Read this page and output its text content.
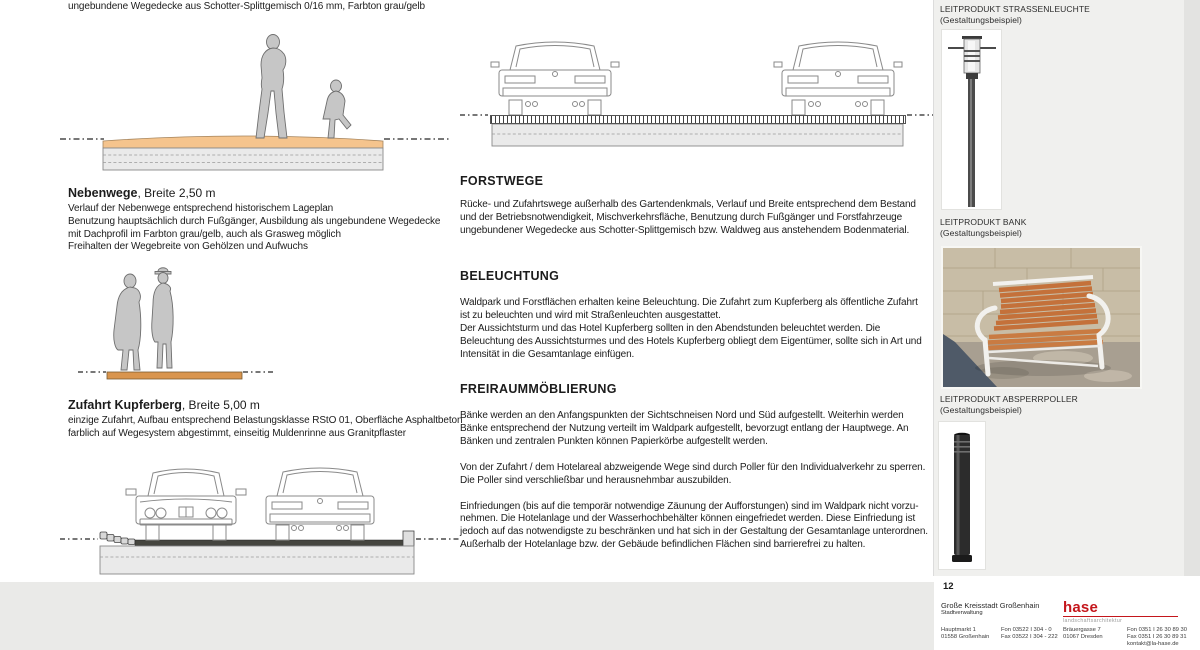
ungebundene Wegedecke aus Schotter-Splittgemisch 0/16 mm, Farbton grau/gelb
Nebenwege, Breite 2,50 m
Verlauf der Nebenwege entsprechend historischem Lageplan
Benutzung hauptsächlich durch Fußgänger, Ausbildung als ungebundene Wegedecke
mit Dachprofil im Farbton grau/gelb, auch als Grasweg möglich
Freihalten der Wegebreite von Gehölzen und Aufwuchs
Zufahrt Kupferberg, Breite 5,00 m
einzige Zufahrt, Aufbau entsprechend Belastungsklasse RStO 01, Oberfläche Asphaltbeton
farblich auf Wegesystem abgestimmt, einseitig Muldenrinne aus Granitpflaster
FORSTWEGE

Rücke- und Zufahrtswege außerhalb des Gartendenkmals, Verlauf und Breite entsprechend dem Bestand und der Betriebsnotwendigkeit, Mischverkehrsfläche, Benutzung durch Fußgänger und Forstfahrzeuge ungebundener Wegedecke aus Schotter-Splittgemisch bzw. Waldweg aus anstehendem Bodenmaterial.

BELEUCHTUNG

Waldpark und Forstflächen erhalten keine Beleuchtung. Die Zufahrt zum Kupferberg als öffentliche Zufahrt ist zu beleuchten und wird mit Straßenleuchten ausgestattet.

Der Aussichtsturm und das Hotel Kupferberg sollten in den Abendstunden beleuchtet werden. Die Beleuchtung des Aussichtsturmes und des Hotels Kupferberg obliegt dem Eigentümer, sollte sich in Art und Intensität in die Gesamtanlage einfügen.

FREIRAUMMÖBLIERUNG

Bänke werden an den Anfangspunkten der Sichtschneisen Nord und Süd aufgestellt. Weiterhin werden Bänke entsprechend der Nutzung verteilt im Waldpark aufgestellt, bevorzugt entlang der Hauptwege. An Bänken und zentralen Punkten können Papierkörbe aufgestellt werden.

Von der Zufahrt / dem Hotelareal abzweigende Wege sind durch Poller für den Individualverkehr zu sperren. Die Poller sind verschließbar und herausnehmbar auszubilden.

Einfriedungen (bis auf die temporär notwendige Zäunung der Aufforstungen) sind im Waldpark nicht vorzu-nehmen. Die Hotelanlage und der Wasserhochbehälter können eingefriedet werden. Diese Einfriedung ist jedoch auf das notwendigste zu beschränken und hat sich in der Gestaltung der Gesamtanlage unterordnen. Außerhalb der Hotelanlage bzw. der Gebäude befindlichen Flächen sind barrierefrei zu halten.

LEITPRODUKT STRASSENLEUCHTE
(Gestaltungsbeispiel)
LEITPRODUKT BANK
(Gestaltungsbeispiel)
LEITPRODUKT ABSPERRPOLLER
(Gestaltungsbeispiel)
12
Große Kreisstadt Großenhain
Stadtverwaltung
Hauptmarkt 1
01558 Großenhain
Fon 03522 I 304 - 0
Fax 03522 I 304 - 222
hase
landschaftsarchitektur
Bräuergasse 7
01067 Dresden
Fon 0351 I 26 30 89 30
Fax 0351 I 26 30 89 31
kontakt@la-hase.de
